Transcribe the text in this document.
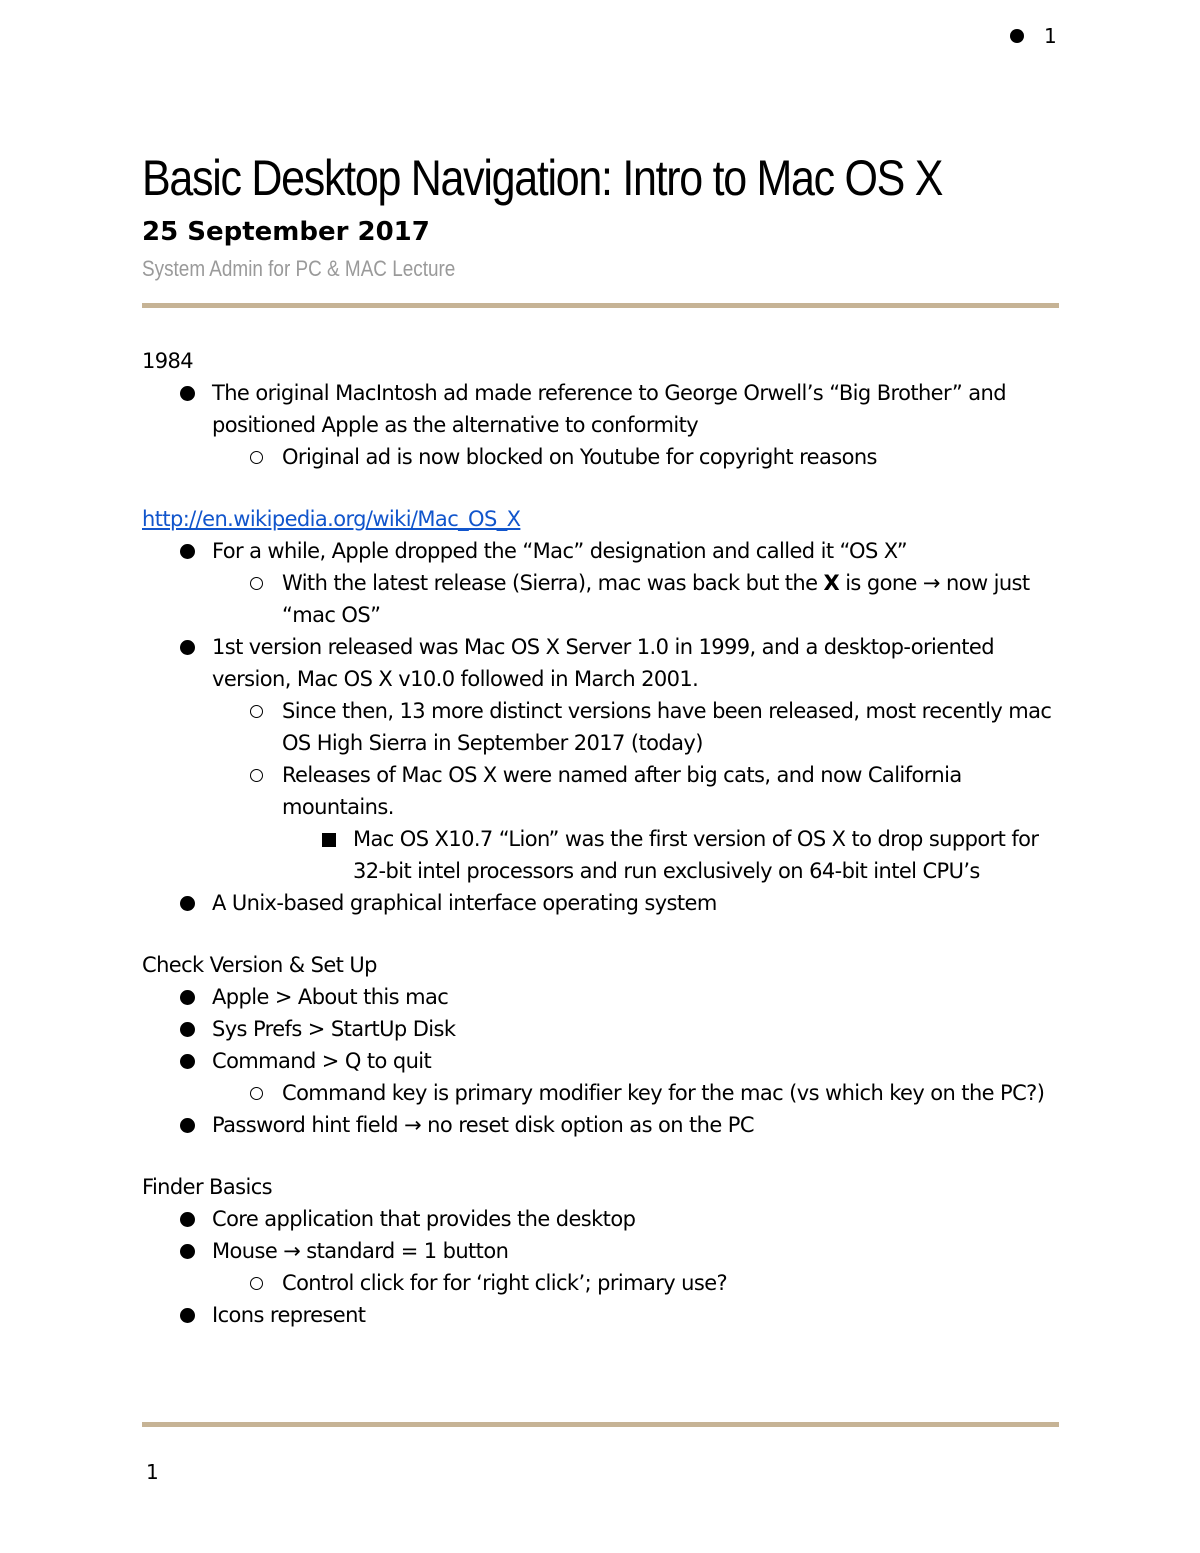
1
Basic Desktop Navigation: Intro to Mac OS X
25 September 2017
System Admin for PC & MAC Lecture

1984

The original MacIntosh ad made reference to George Orwell’s “Big Brother” and positioned Apple as the alternative to conformity
Original ad is now blocked on Youtube for copyright reasons

http://en.wikipedia.org/wiki/Mac_OS_X

For a while, Apple dropped the “Mac” designation and called it “OS X”
With the latest release (Sierra), mac was back but the X is gone → now just “mac OS”
1st version released was Mac OS X Server 1.0 in 1999, and a desktop-oriented version, Mac OS X v10.0 followed in March 2001.
Since then, 13 more distinct versions have been released, most recently mac OS High Sierra in September 2017 (today)
Releases of Mac OS X were named after big cats, and now California mountains.
Mac OS X10.7 “Lion” was the first version of OS X to drop support for 32-bit intel processors and run exclusively on 64-bit intel CPU’s
A Unix-based graphical interface operating system

Check Version & Set Up

Apple > About this mac
Sys Prefs > StartUp Disk
Command > Q to quit
Command key is primary modifier key for the mac (vs which key on the PC?)
Password hint field → no reset disk option as on the PC

Finder Basics

Core application that provides the desktop
Mouse → standard = 1 button
Control click for for ‘right click’; primary use?
Icons represent
1
